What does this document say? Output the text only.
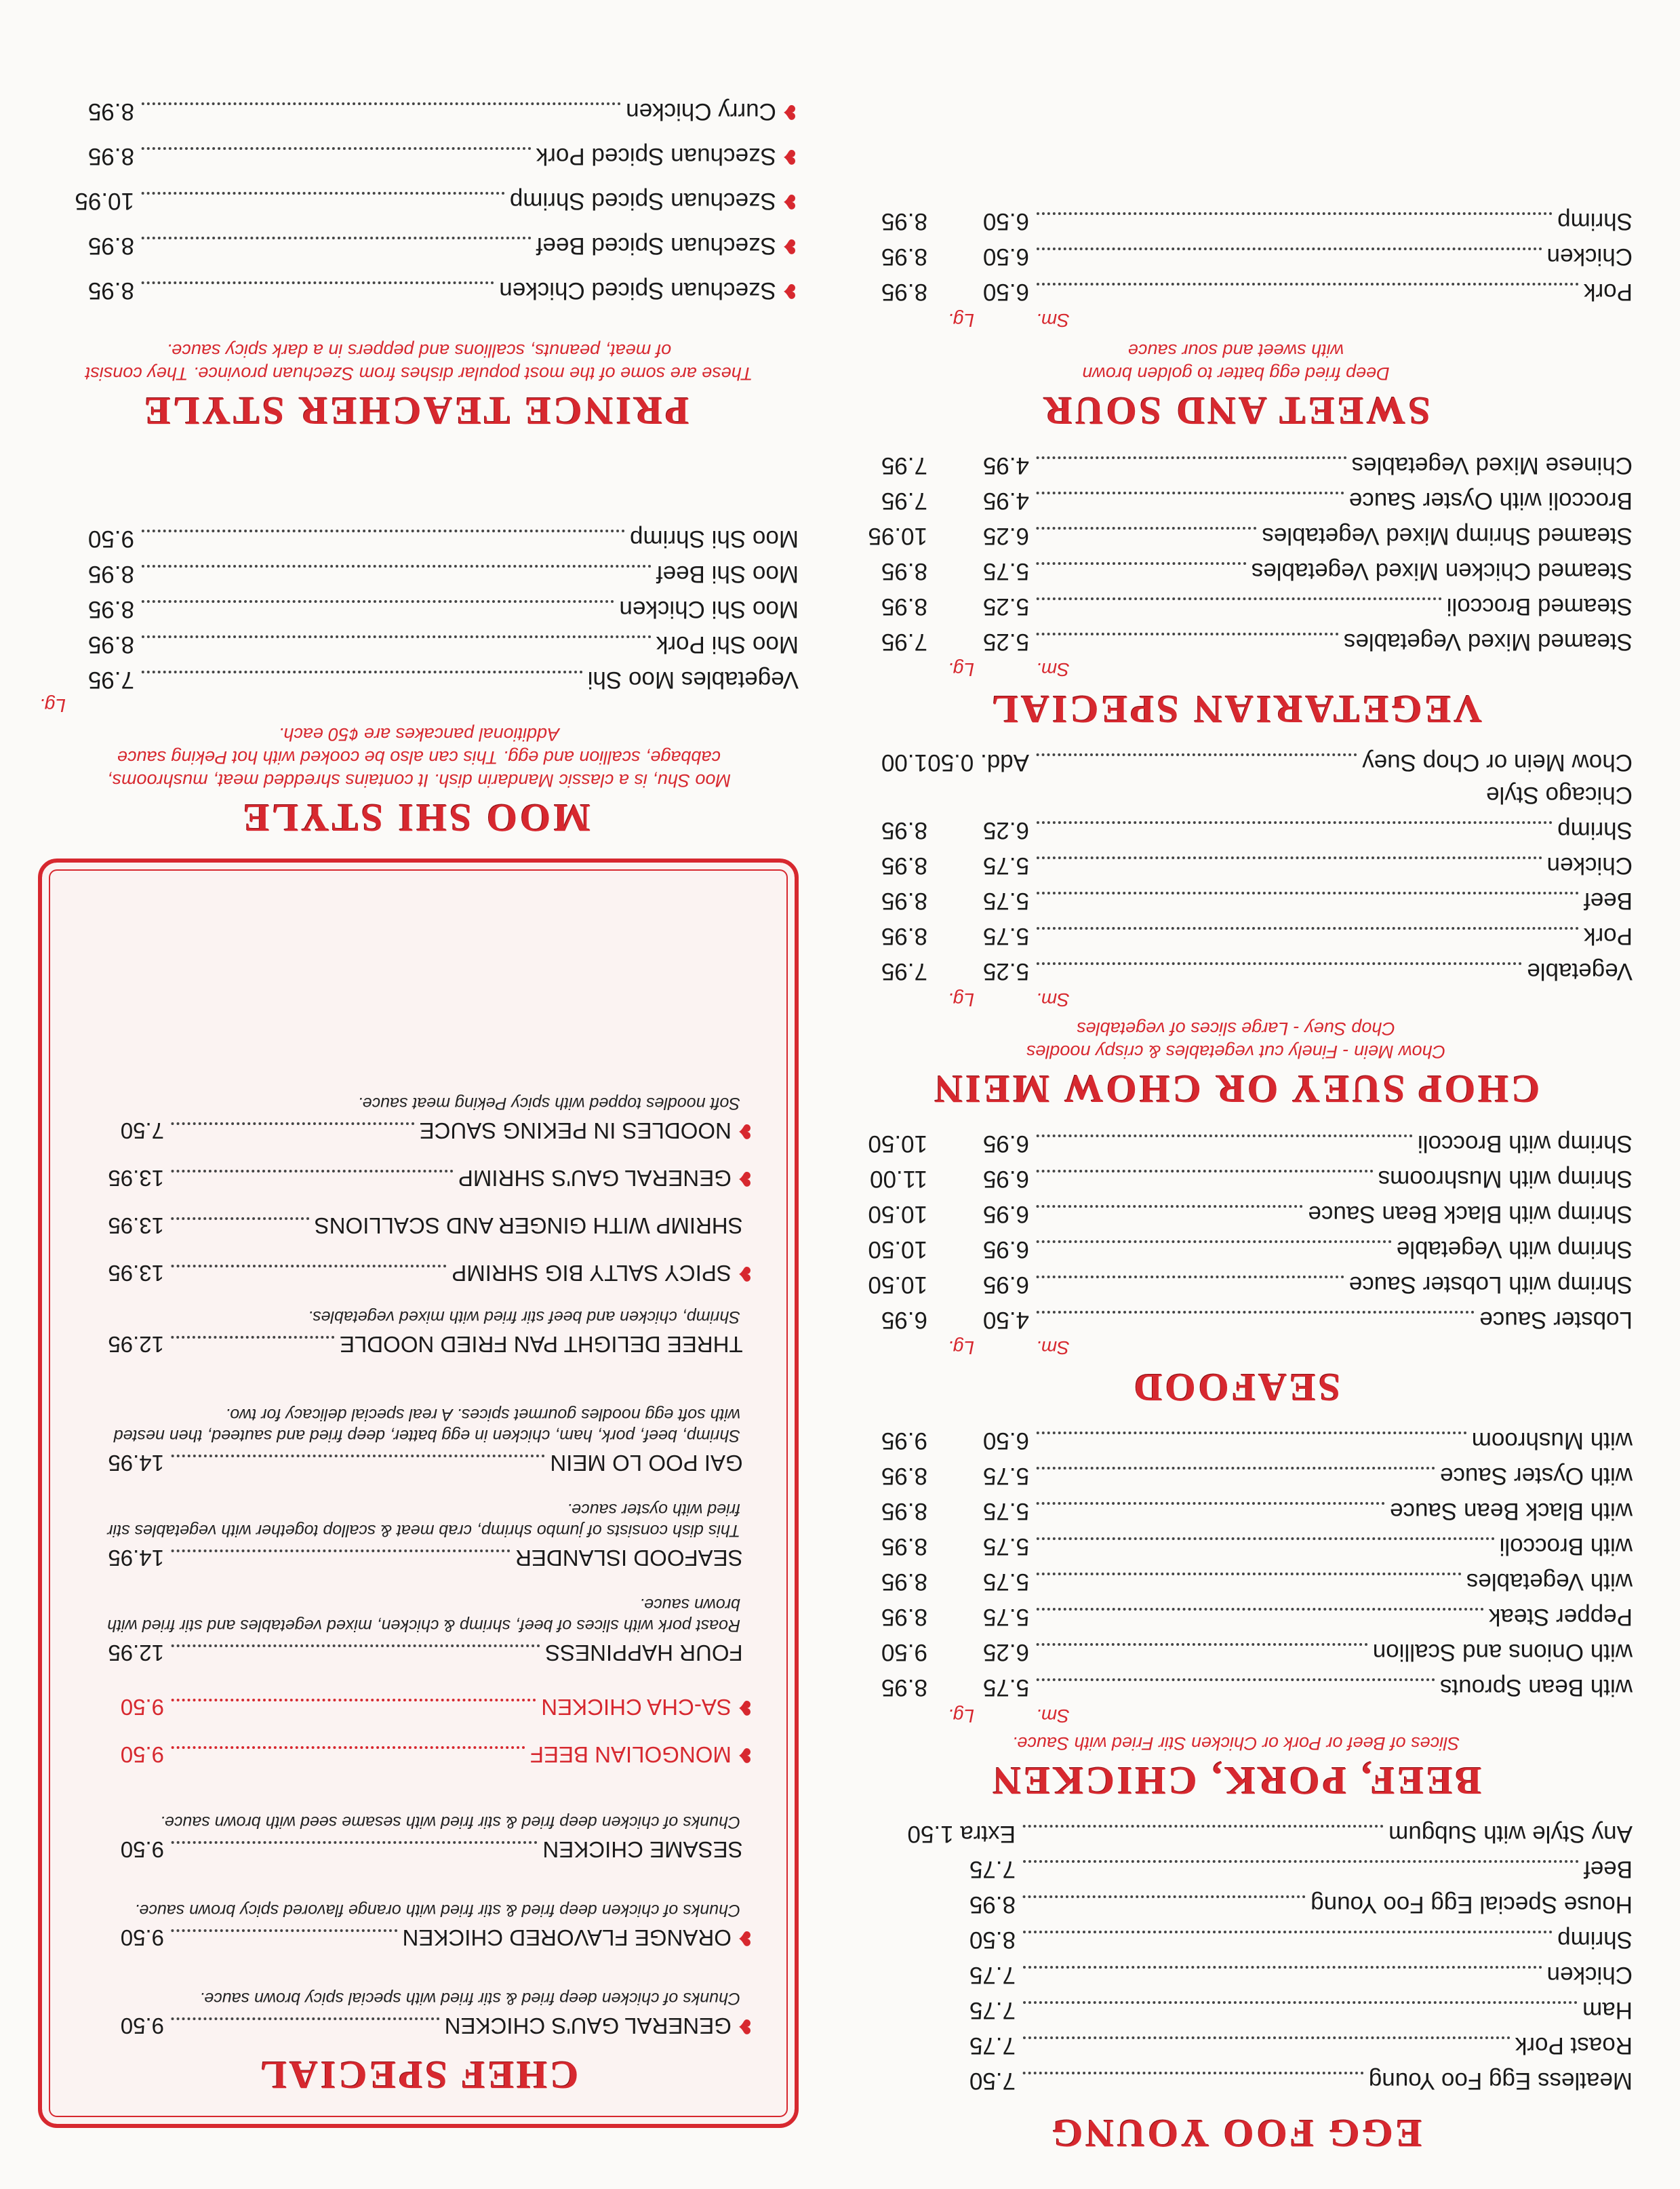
EGG FOO YOUNG
Meatless Egg Foo Young
7.50
Roast Pork
7.75
Ham
7.75
Chicken
7.75
Shrimp
8.50
House Special Egg Foo Young
8.95
Beef
7.75
Any Style with Subgum
Extra 1.50
BEEF, PORK, CHICKEN
Slices of Beef or Pork or Chicken Stir Fried with Sauce.
Sm.
Lg.
with Bean Sprouts
5.75
8.95
with Onions and Scallion
6.25
9.50
Pepper Steak
5.75
8.95
with Vegetables
5.75
8.95
with Broccoli
5.75
8.95
with Black Bean Sauce
5.75
8.95
with Oyster Sauce
5.75
8.95
with Mushroom
6.50
9.95
SEAFOOD
Sm.
Lg.
Lobster Sauce
4.50
6.95
Shrimp with Lobster Sauce
6.95
10.50
Shrimp with Vegetable
6.95
10.50
Shrimp with Black Bean Sauce
6.95
10.50
Shrimp with Mushrooms
6.95
11.00
Shrimp with Broccoli
6.95
10.50
CHOP SUEY OR CHOW MEIN
Chow Mein - Finely cut vegetables & crispy noodles
Chop Suey - Large slices of vegetables
Sm.
Lg.
Vegetable
5.25
7.95
Pork
5.75
8.95
Beef
5.75
8.95
Chicken
5.75
8.95
Shrimp
6.25
8.95
Chicago Style
Chow Mein or Chop Suey
Add. 0.50
1.00
VEGETARIAN SPECIAL
Sm.
Lg.
Steamed Mixed Vegetables
5.25
7.95
Steamed Broccoli
5.25
8.95
Steamed Chicken Mixed Vegetables
5.75
8.95
Steamed Shrimp Mixed Vegetables
6.25
10.95
Broccoli with Oyster Sauce
4.95
7.95
Chinese Mixed Vegetables
4.95
7.95
SWEET AND SOUR
Deep fried egg batter to golden brown
with sweet and sour sauce
Sm.
Lg.
Pork
6.50
8.95
Chicken
6.50
8.95
Shrimp
6.50
8.95
MOO SHI STYLE
Moo Shu, is a classic Mandarin dish. It contains shredded meat, mushrooms, cabbage, scallion and egg. This can also be cooked with hot Peking sauce Additional pancakes are ¢50 each.
Lg.
Vegetables Moo Shi
7.95
Moo Shi Pork
8.95
Moo Shi Chicken
8.95
Moo Shi Beef
8.95
Moo Shi Shrimp
9.50
PRINCE TEACHER STYLE
These are some of the most popular dishes from Szechuan province. They consist of meat, peanuts, scallions and peppers in a dark spicy sauce.
❥
Szechuan Spiced Chicken
8.95
❥
Szechuan Spiced Beef
8.95
❥
Szechuan Spiced Shrimp
10.95
❥
Szechuan Spiced Pork
8.95
❥
Curry Chicken
8.95
CHEF SPECIAL
❥
GENERAL GAU'S CHICKEN
9.50
Chunks of chicken deep fried & stir fried with special spicy brown sauce.
❥
ORANGE FLAVORED CHICKEN
9.50
Chunks of chicken deep fried & stir fried with orange flavored spicy brown sauce.

SESAME CHICKEN
9.50
Chunks of chicken deep fried & stir fried with sesame seed with brown sauce.
❥
MONGOLIAN BEEF
9.50
❥
SA-CHA CHICKEN
9.50

FOUR HAPPINESS
12.95
Roast pork with slices of beef, shrimp & chicken, mixed vegetables and stir fried with brown sauce.

SEAFOOD ISLANDER
14.95
This dish consists of jumbo shrimp, crab meat & scallop together with vegetables stir fried with oyster sauce.

GAI POO LO MEIN
14.95
Shrimp, beef, pork, ham, chicken in egg batter, deep fried and sauteed, then nested with soft egg noodles gourmet spices. A real special delicacy for two.

THREE DELIGHT PAN FRIED NOODLE
12.95
Shrimp, chicken and beef stir fried with mixed vegetables.
❥
SPICY SALTY BIG SHRIMP
13.95

SHRIMP WITH GINGER AND SCALLIONS
13.95
❥
GENERAL GAU'S SHRIMP
13.95
❥
NOODLES IN PEKING SAUCE
7.50
Soft noodles topped with spicy Peking meat sauce.
